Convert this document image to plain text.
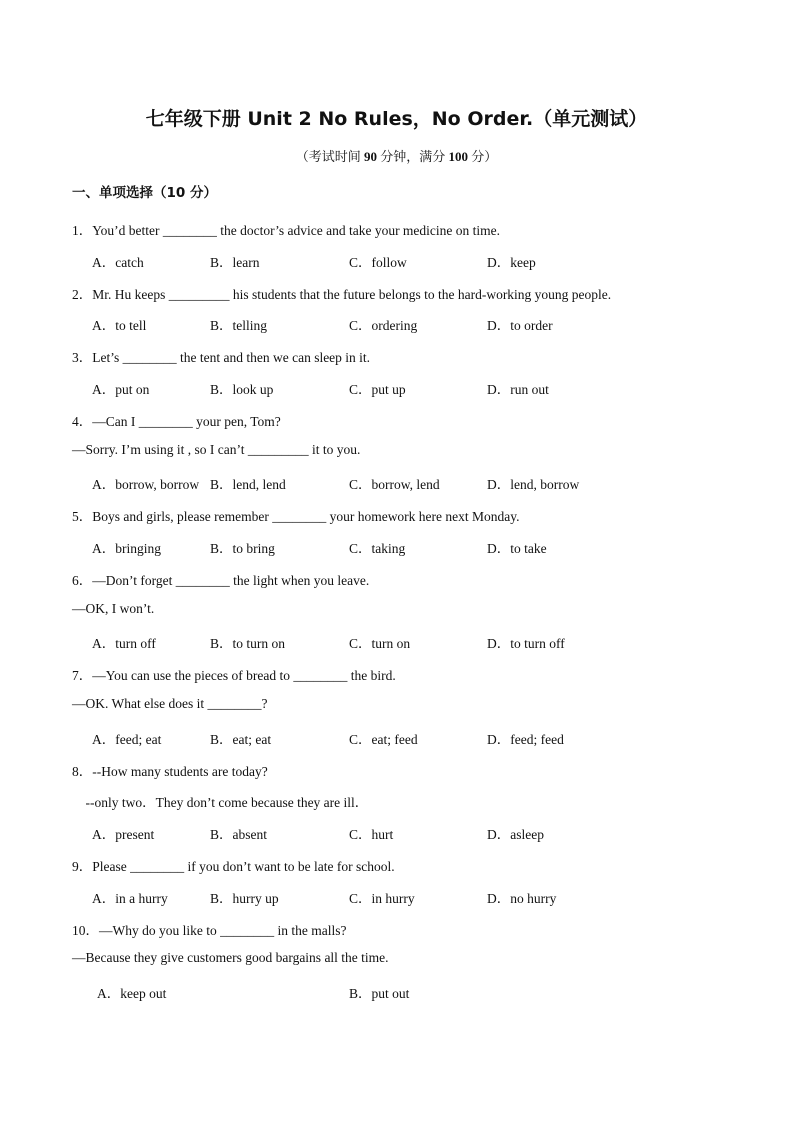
七年级下册 Unit 2 No Rules，No Order.（单元测试）
（考试时间 90 分钟，满分 100 分）
一、单项选择（10 分）
1．You’d better ________ the doctor’s advice and take your medicine on time.
A．catch	B．learn	C．follow	D．keep
2．Mr. Hu keeps _________ his students that the future belongs to the hard-working young people.
A．to tell	B．telling	C．ordering	D．to order
3．Let’s ________ the tent and then we can sleep in it.
A．put on	B．look up	C．put up	D．run out
4．—Can I ________ your pen, Tom?
—Sorry. I’m using it , so I can’t _________ it to you.
A．borrow, borrow B．lend, lend	C．borrow, lend	D．lend, borrow
5．Boys and girls, please remember ________ your homework here next Monday.
A．bringing	B．to bring	C．taking	D．to take
6．—Don’t forget ________ the light when you leave.
—OK, I won’t.
A．turn off	B．to turn on	C．turn on	D．to turn off
7．—You can use the pieces of bread to ________ the bird.
—OK. What else does it ________?
A．feed; eat	B．eat; eat	C．eat; feed	D．feed; feed
8．--How many students are today?
--only two．They don’t come because they are ill．
A．present	B．absent	C．hurt	D．asleep
9．Please ________ if you don’t want to be late for school.
A．in a hurry	B．hurry up	C．in hurry	D．no hurry
10．—Why do you like to ________ in the malls?
—Because they give customers good bargains all the time.
A．keep out	B．put out
